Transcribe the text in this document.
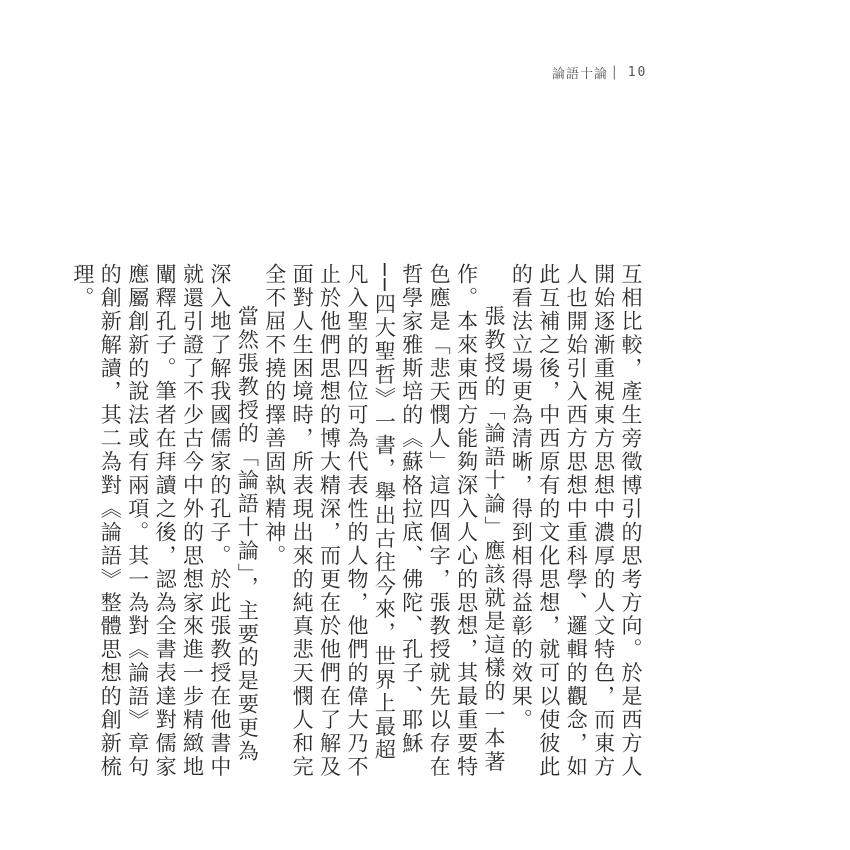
論語十論 | 10

互相比較，產生旁徵博引的思考方向。於是西方人開始逐漸重視東方思想中濃厚的人文特色，而東方人也開始引入西方思想中重科學、邏輯的觀念，如此互補之後，中西原有的文化思想，就可以使彼此的看法立場更為清晰，得到相得益彰的效果。

張教授的「論語十論」應該就是這樣的一本著作。本來東西方能夠深入人心的思想，其最重要特色應是「悲天憫人」這四個字，張教授就先以存在哲學家雅斯培的《蘇格拉底、佛陀、孔子、耶穌──四大聖哲》一書，舉出古往今來，世界上最超凡入聖的四位可為代表性的人物，他們的偉大乃不止於他們思想的博大精深，而更在於他們在了解及面對人生困境時，所表現出來的純真悲天憫人和完全不屈不撓的擇善固執精神。

當然張教授的「論語十論」，主要的是要更為深入地了解我國儒家的孔子。於此張教授在他書中就還引證了不少古今中外的思想家來進一步精緻地闡釋孔子。筆者在拜讀之後，認為全書表達對儒家應屬創新的說法或有兩項。其一為對《論語》章句的創新解讀，其二為對《論語》整體思想的創新梳理。
